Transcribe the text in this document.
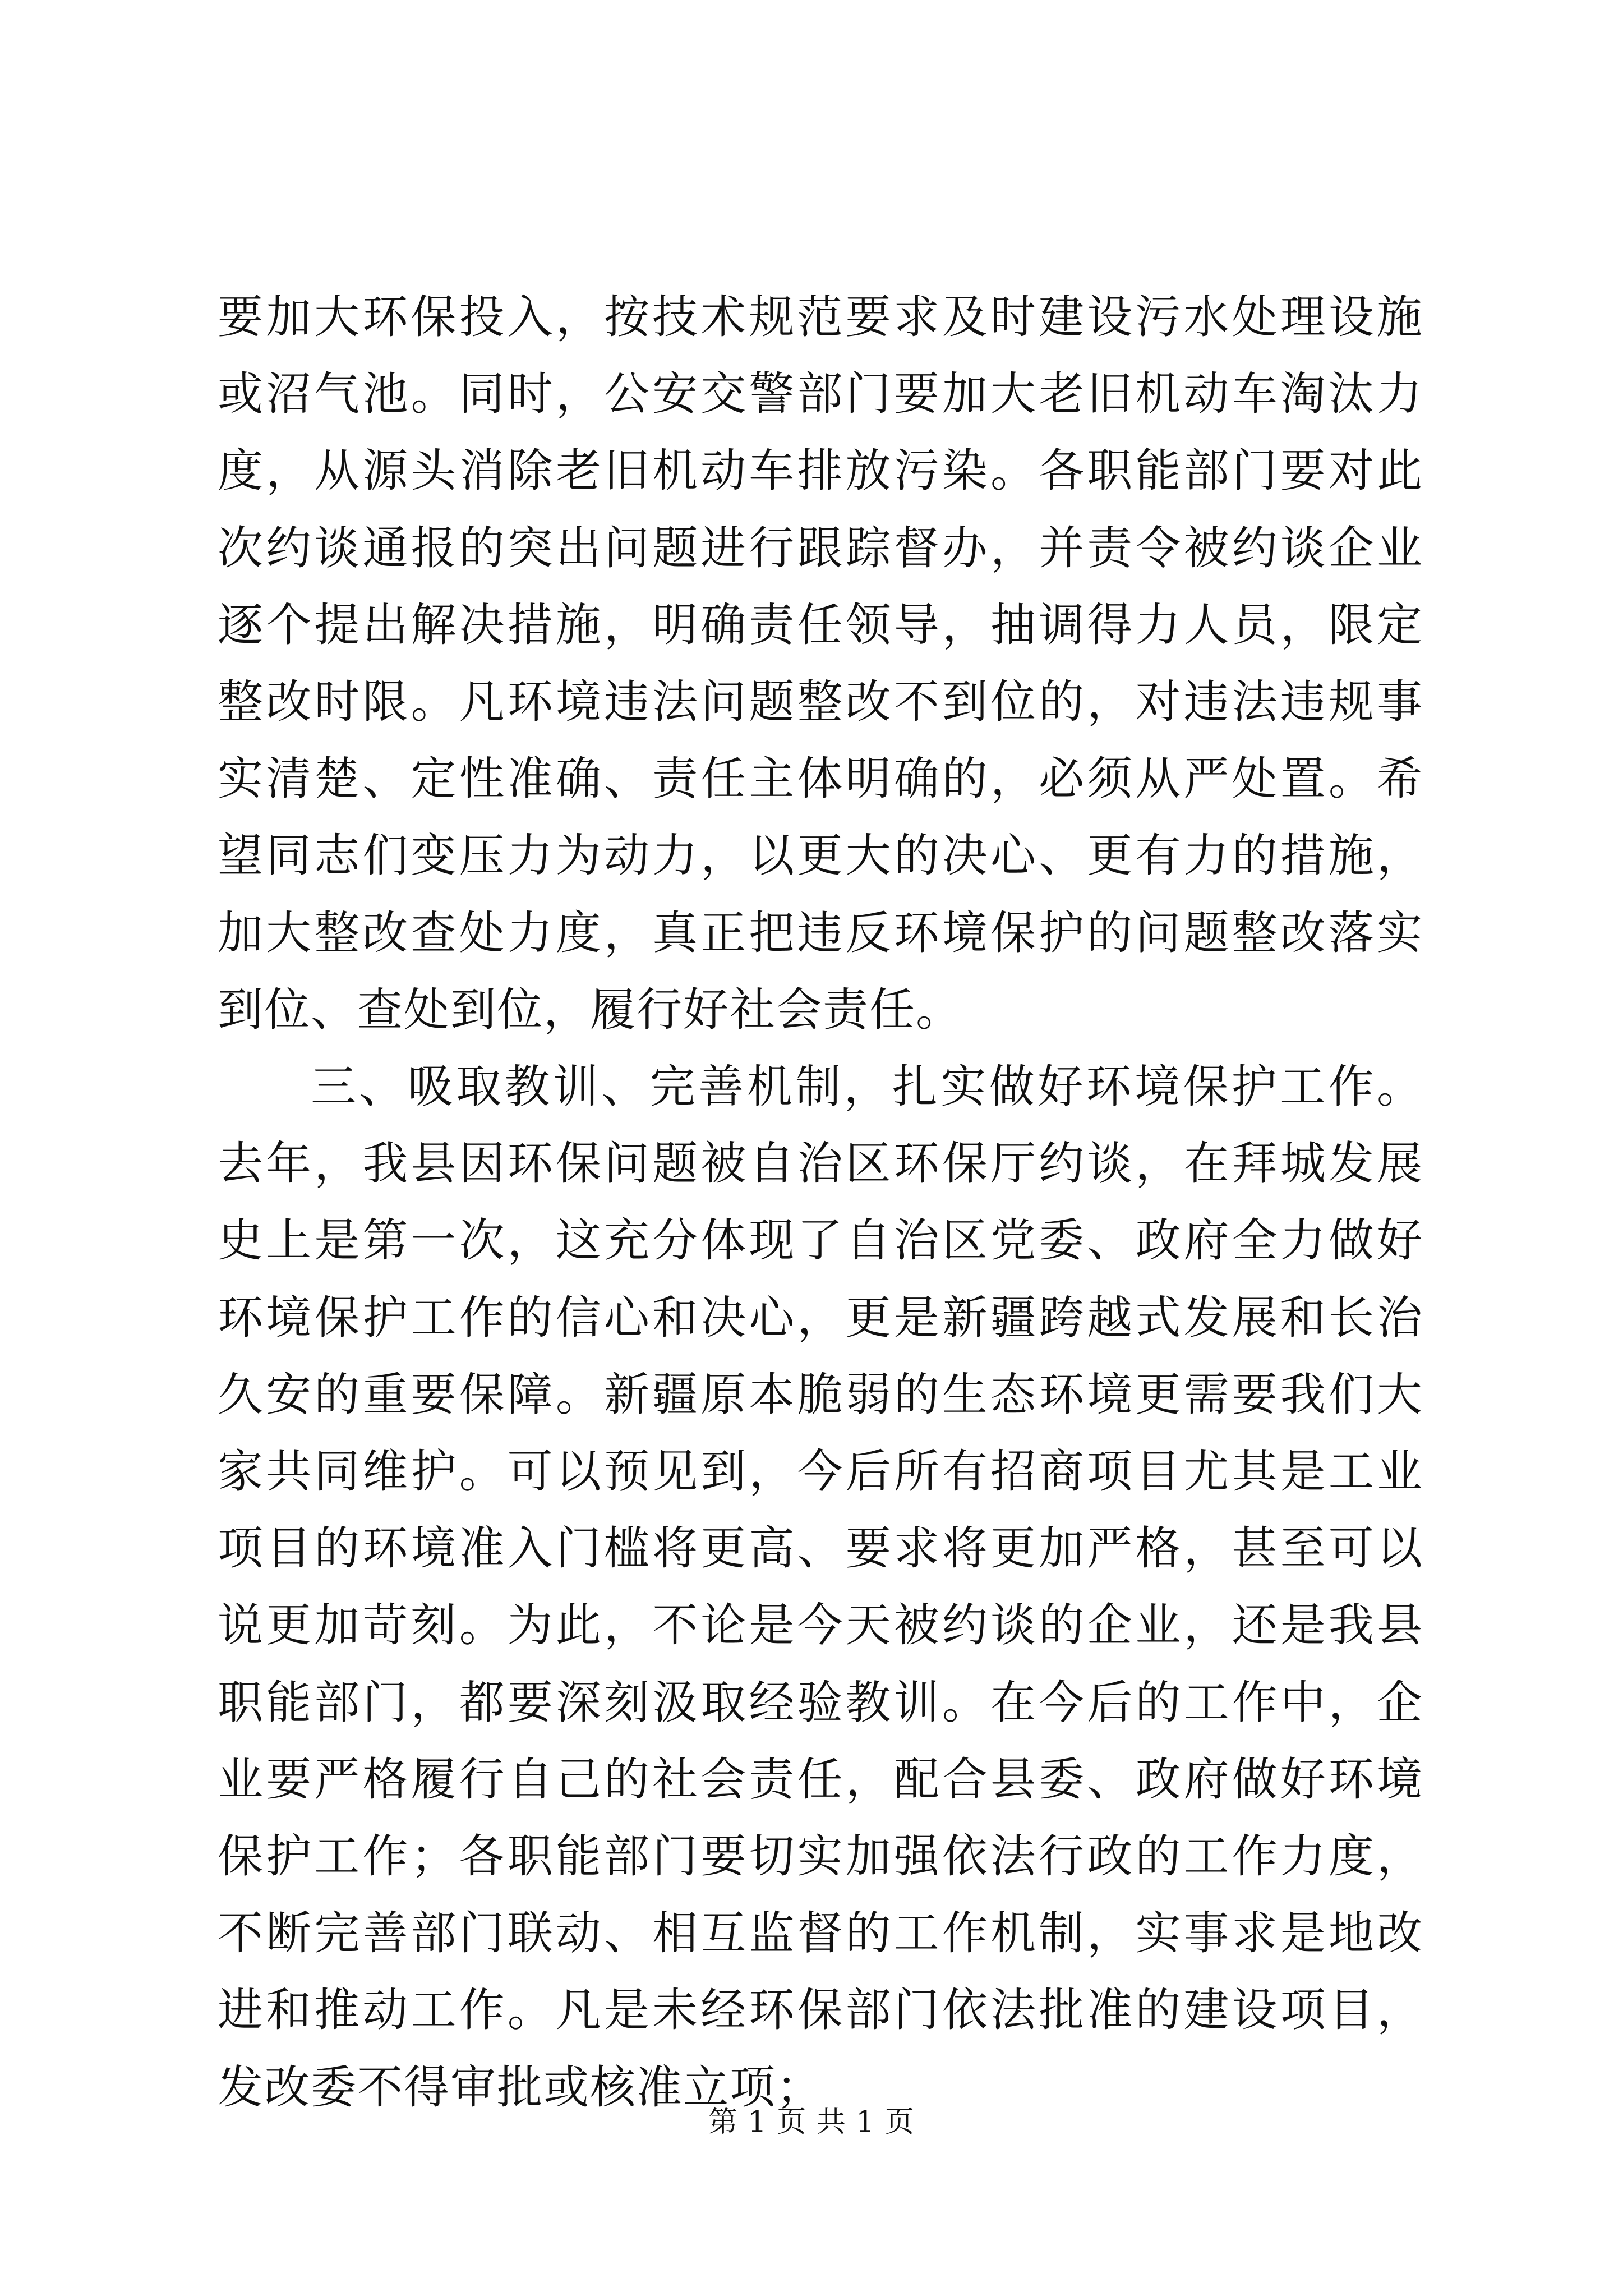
要加大环保投入，按技术规范要求及时建设污水处理设施或沼气池。同时，公安交警部门要加大老旧机动车淘汰力度，从源头消除老旧机动车排放污染。各职能部门要对此次约谈通报的突出问题进行跟踪督办，并责令被约谈企业逐个提出解决措施，明确责任领导，抽调得力人员，限定整改时限。凡环境违法问题整改不到位的，对违法违规事实清楚、定性准确、责任主体明确的，必须从严处置。希望同志们变压力为动力，以更大的决心、更有力的措施，加大整改查处力度，真正把违反环境保护的问题整改落实到位、查处到位，履行好社会责任。

三、吸取教训、完善机制，扎实做好环境保护工作。去年，我县因环保问题被自治区环保厅约谈，在拜城发展史上是第一次，这充分体现了自治区党委、政府全力做好环境保护工作的信心和决心，更是新疆跨越式发展和长治久安的重要保障。新疆原本脆弱的生态环境更需要我们大家共同维护。可以预见到，今后所有招商项目尤其是工业项目的环境准入门槛将更高、要求将更加严格，甚至可以说更加苛刻。为此，不论是今天被约谈的企业，还是我县职能部门，都要深刻汲取经验教训。在今后的工作中，企业要严格履行自己的社会责任，配合县委、政府做好环境保护工作；各职能部门要切实加强依法行政的工作力度，不断完善部门联动、相互监督的工作机制，实事求是地改进和推动工作。凡是未经环保部门依法批准的建设项目，发改委不得审批或核准立项；

第 1 页 共 1 页
